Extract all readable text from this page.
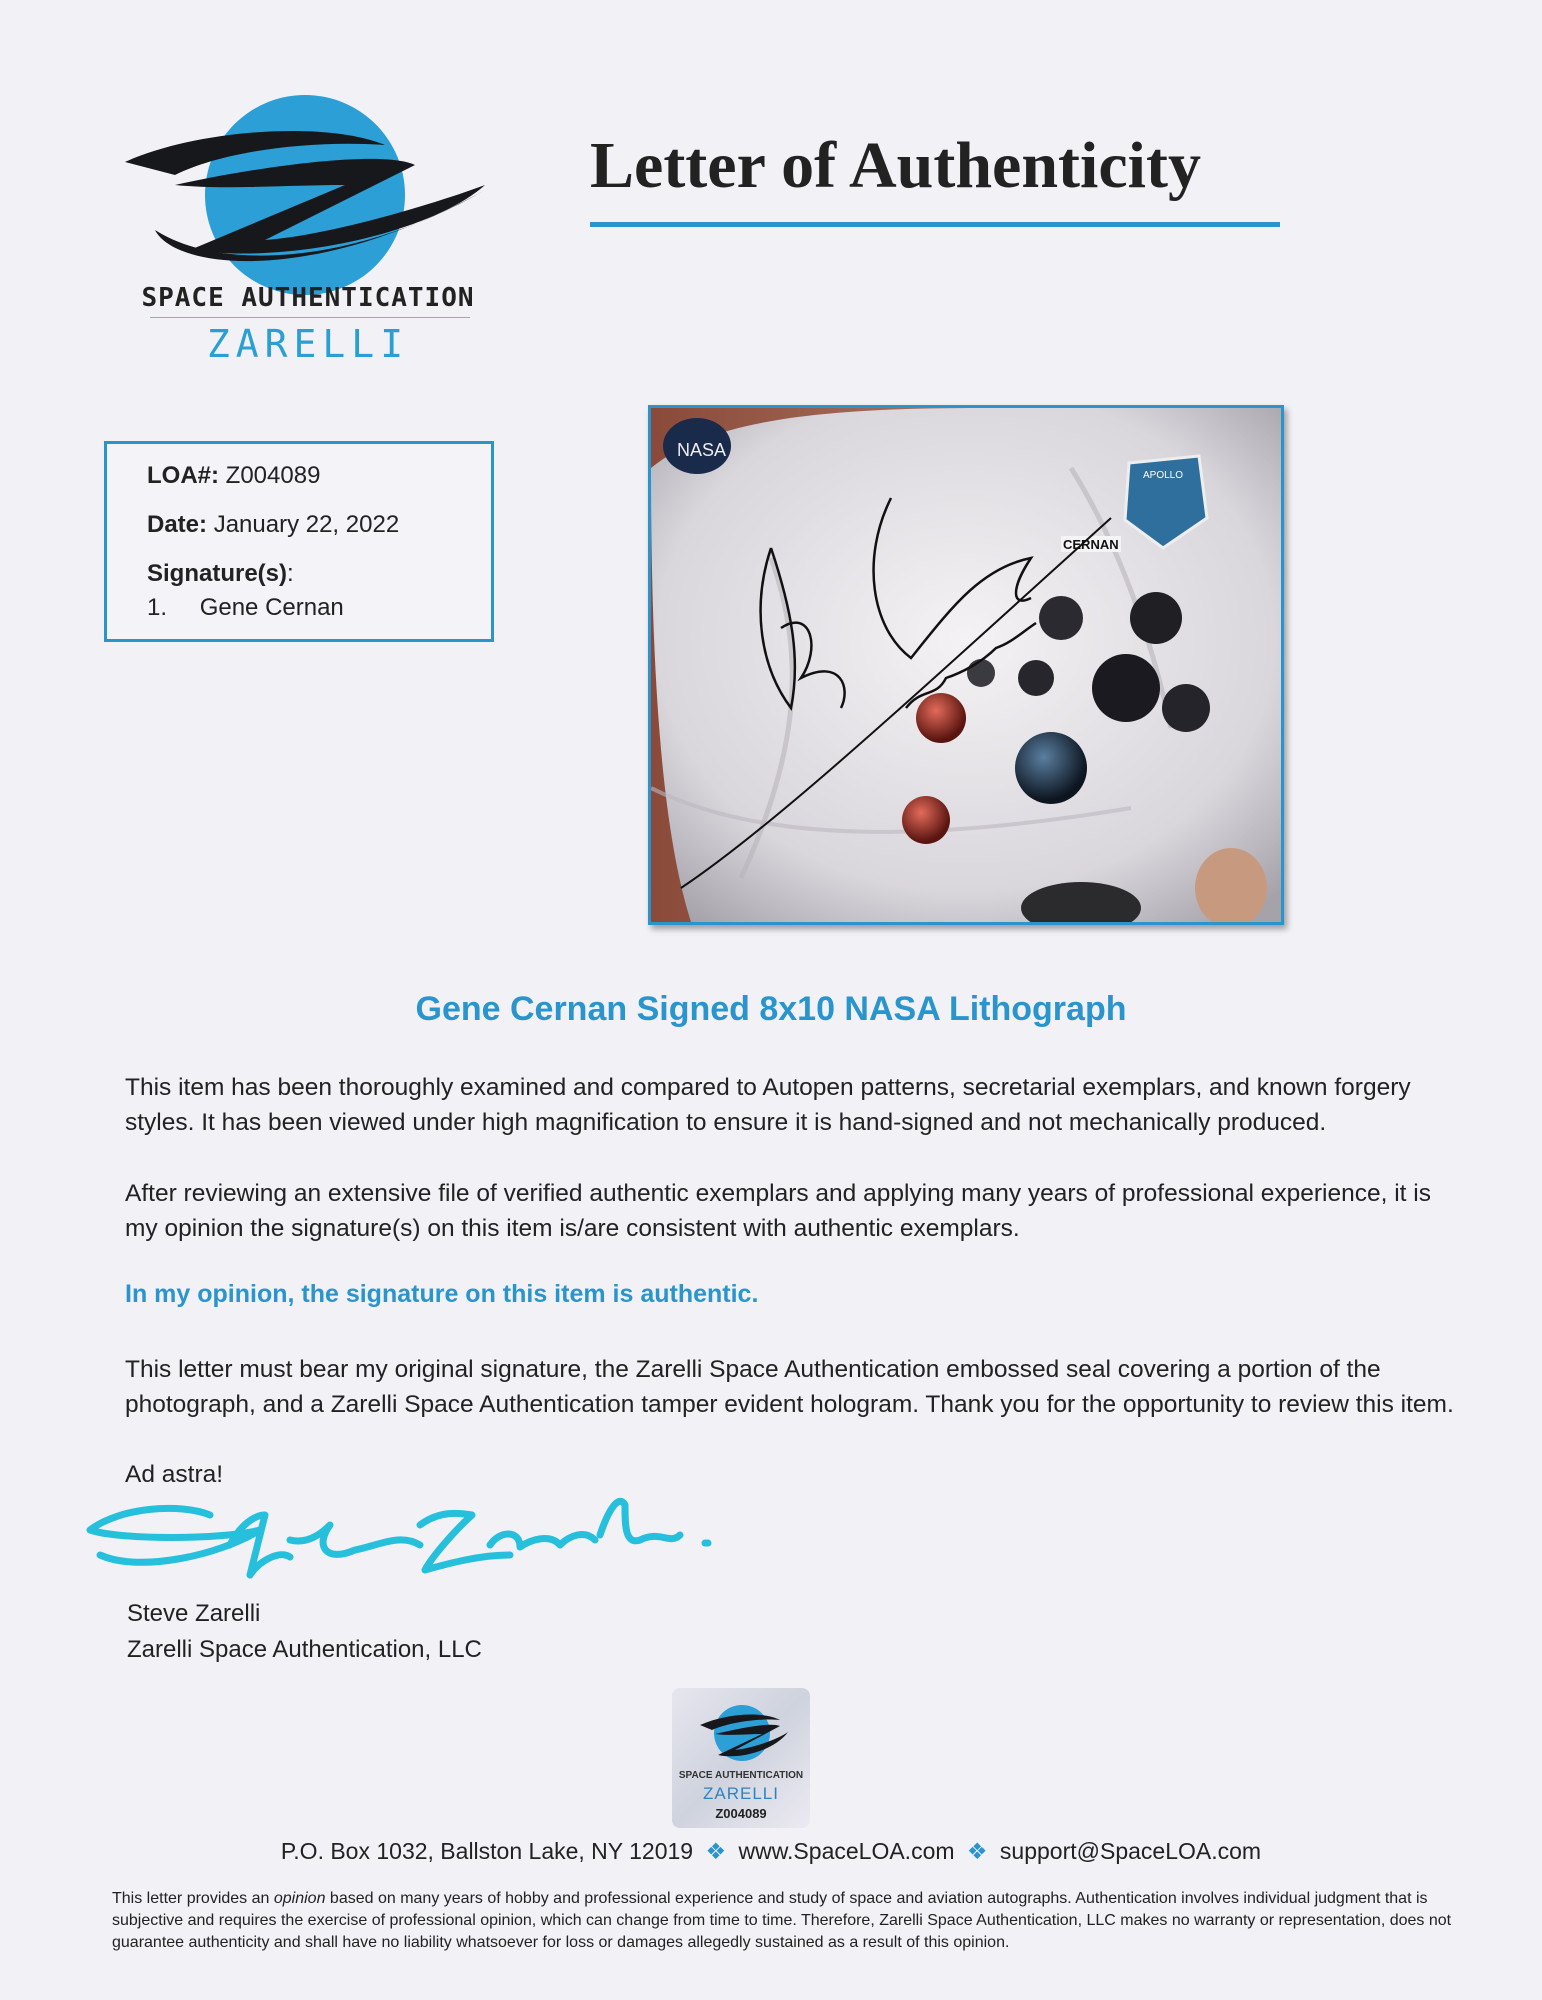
SPACE AUTHENTICATION
ZARELLI
Letter of Authenticity
LOA#: Z004089
Date: January 22, 2022
Signature(s):
1. Gene Cernan
NASA
APOLLO
CERNAN
Gene Cernan Signed 8x10 NASA Lithograph
This item has been thoroughly examined and compared to Autopen patterns, secretarial exemplars, and known forgery styles. It has been viewed under high magnification to ensure it is hand-signed and not mechanically produced.
After reviewing an extensive file of verified authentic exemplars and applying many years of professional experience, it is my opinion the signature(s) on this item is/are consistent with authentic exemplars.
In my opinion, the signature on this item is authentic.
This letter must bear my original signature, the Zarelli Space Authentication embossed seal covering a portion of the photograph, and a Zarelli Space Authentication tamper evident hologram. Thank you for the opportunity to review this item.
Ad astra!
Steve Zarelli
Zarelli Space Authentication, LLC
SPACE AUTHENTICATION
ZARELLI
Z004089
P.O. Box 1032, Ballston Lake, NY 12019 ❖ www.SpaceLOA.com ❖ support@SpaceLOA.com
This letter provides an opinion based on many years of hobby and professional experience and study of space and aviation autographs. Authentication involves individual judgment that is subjective and requires the exercise of professional opinion, which can change from time to time. Therefore, Zarelli Space Authentication, LLC makes no warranty or representation, does not guarantee authenticity and shall have no liability whatsoever for loss or damages allegedly sustained as a result of this opinion.
